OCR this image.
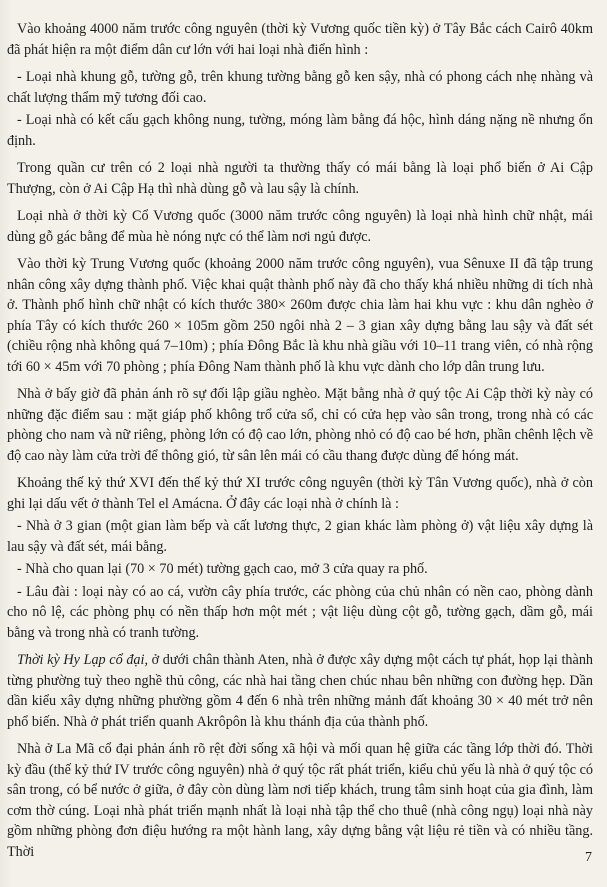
Vào khoảng 4000 năm trước công nguyên (thời kỳ Vương quốc tiền kỳ) ở Tây Bắc cách Cairô 40km đã phát hiện ra một điểm dân cư lớn với hai loại nhà điển hình :

- Loại nhà khung gỗ, tường gỗ, trên khung tường bằng gỗ ken sậy, nhà có phong cách nhẹ nhàng và chất lượng thẩm mỹ tương đối cao.

- Loại nhà có kết cấu gạch không nung, tường, móng làm bằng đá hộc, hình dáng nặng nề nhưng ổn định.

Trong quần cư trên có 2 loại nhà người ta thường thấy có mái bằng là loại phổ biến ở Ai Cập Thượng, còn ở Ai Cập Hạ thì nhà dùng gỗ và lau sậy là chính.

Loại nhà ở thời kỳ Cổ Vương quốc (3000 năm trước công nguyên) là loại nhà hình chữ nhật, mái dùng gỗ gác bằng để mùa hè nóng nực có thể làm nơi ngủ được.

Vào thời kỳ Trung Vương quốc (khoảng 2000 năm trước công nguyên), vua Sênuxe II đã tập trung nhân công xây dựng thành phố. Việc khai quật thành phố này đã cho thấy khá nhiều những di tích nhà ở. Thành phố hình chữ nhật có kích thước 380× 260m được chia làm hai khu vực : khu dân nghèo ở phía Tây có kích thước 260 × 105m gồm 250 ngôi nhà 2 – 3 gian xây dựng bằng lau sậy và đất sét (chiều rộng nhà không quá 7–10m) ; phía Đông Bắc là khu nhà giầu với 10–11 trang viên, có nhà rộng tới 60 × 45m với 70 phòng ; phía Đông Nam thành phố là khu vực dành cho lớp dân trung lưu.

Nhà ở bấy giờ đã phản ánh rõ sự đối lập giầu nghèo. Mặt bằng nhà ở quý tộc Ai Cập thời kỳ này có những đặc điểm sau : mặt giáp phố không trổ cửa sổ, chỉ có cửa hẹp vào sân trong, trong nhà có các phòng cho nam và nữ riêng, phòng lớn có độ cao lớn, phòng nhỏ có độ cao bé hơn, phần chênh lệch về độ cao này làm cửa trời để thông gió, từ sân lên mái có cầu thang được dùng để hóng mát.

Khoảng thế kỷ thứ XVI đến thế kỷ thứ XI trước công nguyên (thời kỳ Tân Vương quốc), nhà ở còn ghi lại dấu vết ở thành Tel el Amácna. Ở đây các loại nhà ở chính là :

- Nhà ở 3 gian (một gian làm bếp và cất lương thực, 2 gian khác làm phòng ở) vật liệu xây dựng là lau sậy và đất sét, mái bằng.

- Nhà cho quan lại (70 × 70 mét) tường gạch cao, mở 3 cửa quay ra phố.

- Lâu đài : loại này có ao cá, vườn cây phía trước, các phòng của chủ nhân có nền cao, phòng dành cho nô lệ, các phòng phụ có nền thấp hơn một mét ; vật liệu dùng cột gỗ, tường gạch, dầm gỗ, mái bằng và trong nhà có tranh tường.

Thời kỳ Hy Lạp cổ đại, ở dưới chân thành Aten, nhà ở được xây dựng một cách tự phát, họp lại thành từng phường tuỳ theo nghề thủ công, các nhà hai tầng chen chúc nhau bên những con đường hẹp. Dần dần kiểu xây dựng những phường gồm 4 đến 6 nhà trên những mảnh đất khoảng 30 × 40 mét trở nên phổ biến. Nhà ở phát triển quanh Akrôpôn là khu thánh địa của thành phố.

Nhà ở La Mã cổ đại phản ánh rõ rệt đời sống xã hội và mối quan hệ giữa các tầng lớp thời đó. Thời kỳ đầu (thế kỷ thứ IV trước công nguyên) nhà ở quý tộc rất phát triển, kiểu chủ yếu là nhà ở quý tộc có sân trong, có bể nước ở giữa, ở đây còn dùng làm nơi tiếp khách, trung tâm sinh hoạt của gia đình, làm cơm thờ cúng. Loại nhà phát triển mạnh nhất là loại nhà tập thể cho thuê (nhà công ngụ) loại nhà này gồm những phòng đơn điệu hướng ra một hành lang, xây dựng bằng vật liệu rẻ tiền và có nhiều tầng. Thời	7
